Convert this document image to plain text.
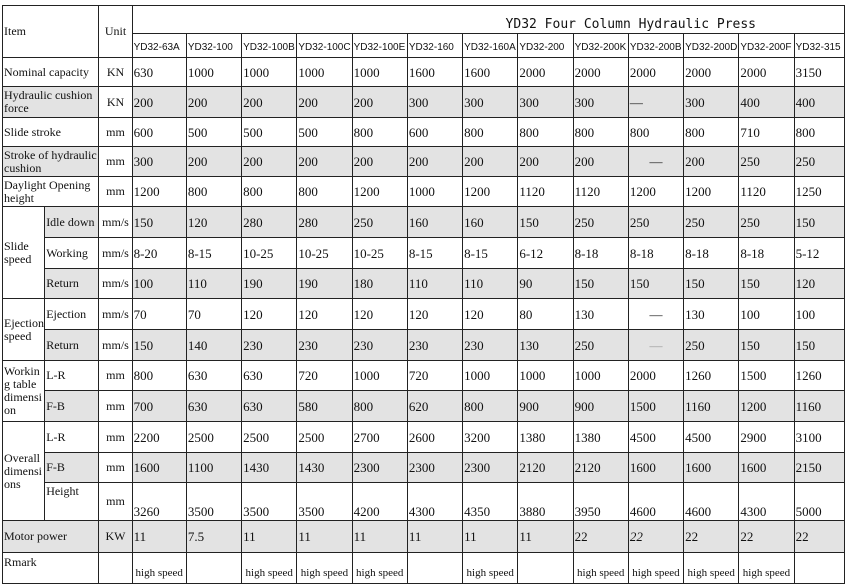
Item		Unit	YD32 Four Column Hydraulic Press												
			YD32-63A	YD32-100	YD32-100B	YD32-100C	YD32-100E	YD32-160	YD32-160A	YD32-200	YD32-200K	YD32-200B	YD32-200D	YD32-200F	YD32-315
Nominal capacity		KN	630	1000	1000	1000	1000	1600	1600	2000	2000	2000	2000	2000	3150
Hydraulic cushion force		KN	200	200	200	200	200	300	300	300	300	—	300	400	400
Slide stroke		mm	600	500	500	500	800	600	800	800	800	800	800	710	800
Stroke of hydraulic cushion		mm	300	200	200	200	200	200	200	200	200	—	200	250	250
Daylight Opening height		mm	1200	800	800	800	1200	1000	1200	1120	1120	1200	1200	1120	1250
Slide speed	Idle down	mm/s	150	120	280	280	250	160	160	150	250	250	250	250	150
	Working	mm/s	8-20	8-15	10-25	10-25	10-25	8-15	8-15	6-12	8-18	8-18	8-18	8-18	5-12
	Return	mm/s	100	110	190	190	180	110	110	90	150	150	150	150	120
Ejection speed	Ejection	mm/s	70	70	120	120	120	120	120	80	130	—	130	100	100
	Return	mm/s	150	140	230	230	230	230	230	130	250	—	250	150	150
Workin g table dimensi on	L-R	mm	800	630	630	720	1000	720	1000	1000	1000	2000	1260	1500	1260
	F-B	mm	700	630	630	580	800	620	800	900	900	1500	1160	1200	1160
Overall dimensi ons	L-R	mm	2200	2500	2500	2500	2700	2600	3200	1380	1380	4500	4500	2900	3100
	F-B	mm	1600	1100	1430	1430	2300	2300	2300	2120	2120	1600	1600	1600	2150
	Height	mm	3260	3500	3500	3500	4200	4300	4350	3880	3950	4600	4600	4300	5000
Motor power		KW	11	7.5	11	11	11	11	11	11	22	22	22	22	22
Rmark			high speed		high speed	high speed	high speed		high speed		high speed	high speed	high speed	high speed	
